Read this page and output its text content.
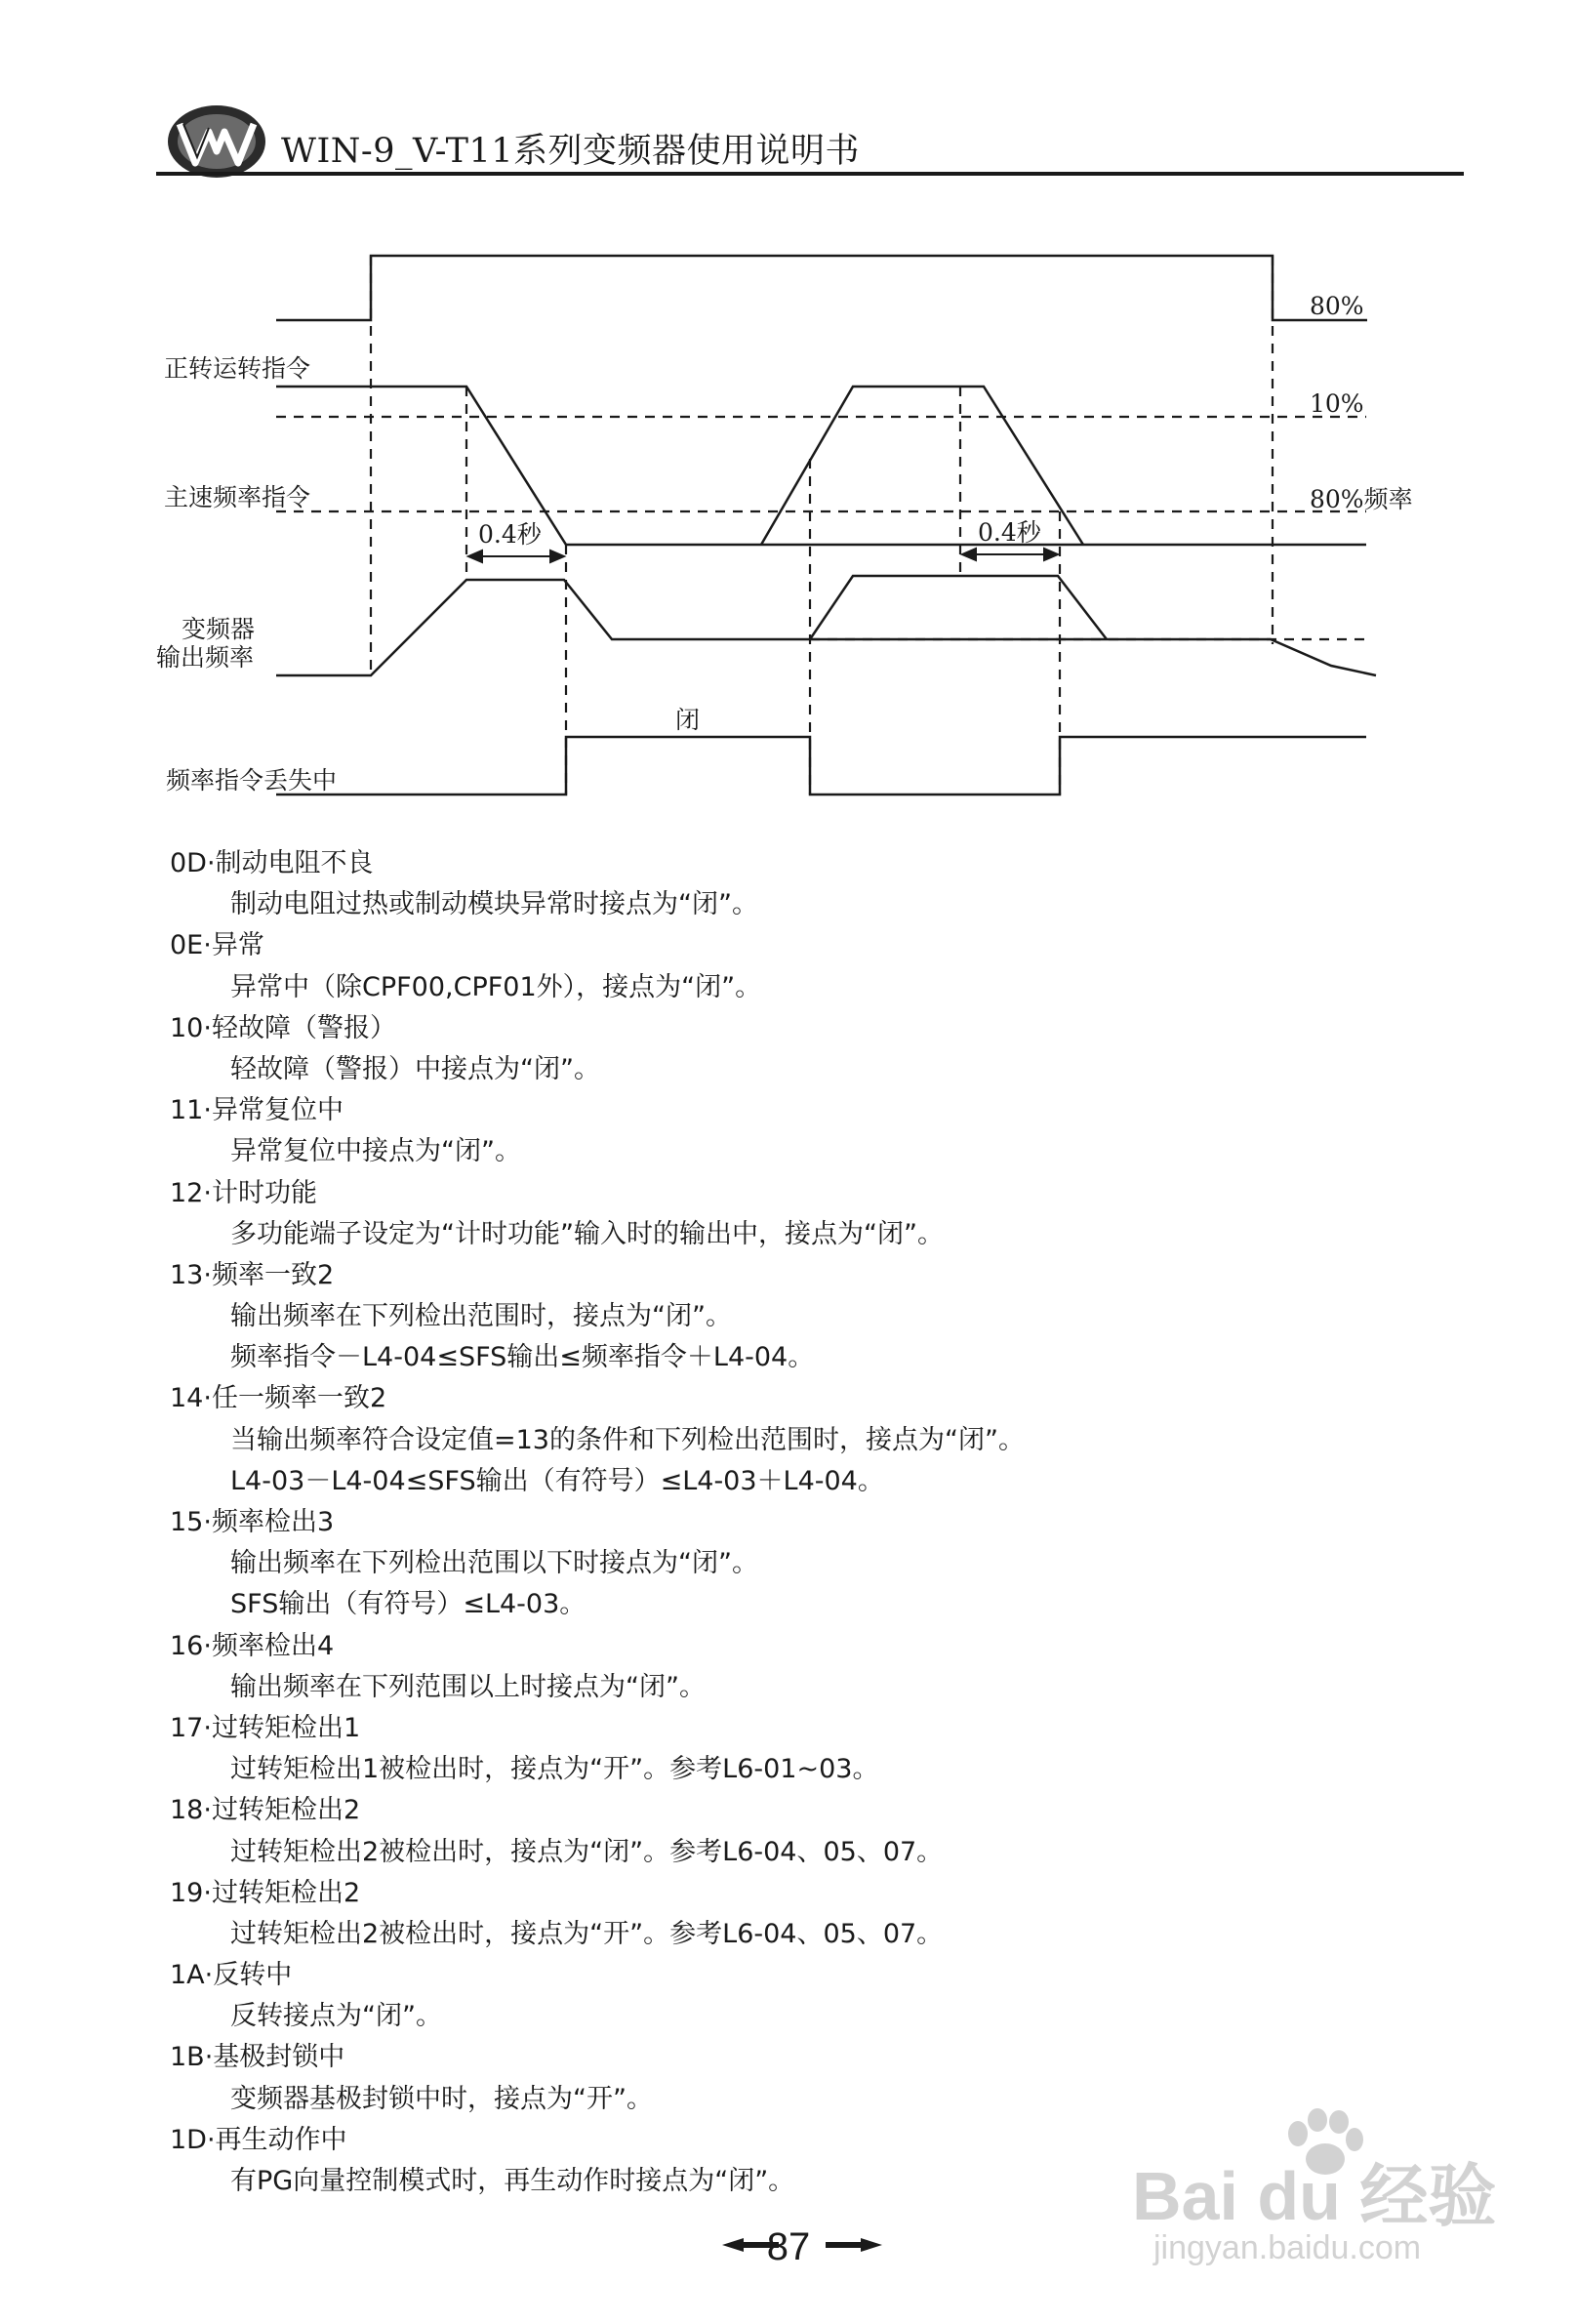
WIN-9_V-T11系列变频器使用说明书
正转运转指令
主速频率指令
变频器
输出频率
频率指令丢失中
80%
10%
80%频率
0.4秒	0.4秒
闭
0D·制动电阻不良
制动电阻过热或制动模块异常时接点为“闭”。
0E·异常
异常中（除CPF00,CPF01外），接点为“闭”。
10·轻故障（警报）
轻故障（警报）中接点为“闭”。
11·异常复位中
异常复位中接点为“闭”。
12·计时功能
多功能端子设定为“计时功能”输入时的输出中，接点为“闭”。
13·频率一致2
输出频率在下列检出范围时，接点为“闭”。
频率指令－L4-04≤SFS输出≤频率指令＋L4-04。
14·任一频率一致2
当输出频率符合设定值=13的条件和下列检出范围时，接点为“闭”。
L4-03－L4-04≤SFS输出（有符号）≤L4-03＋L4-04。
15·频率检出3
输出频率在下列检出范围以下时接点为“闭”。
SFS输出（有符号）≤L4-03。
16·频率检出4
输出频率在下列范围以上时接点为“闭”。
17·过转矩检出1
过转矩检出1被检出时，接点为“开”。参考L6-01~03。
18·过转矩检出2
过转矩检出2被检出时，接点为“闭”。参考L6-04、05、07。
19·过转矩检出2
过转矩检出2被检出时，接点为“开”。参考L6-04、05、07。
1A·反转中
反转接点为“闭”。
1B·基极封锁中
变频器基极封锁中时，接点为“开”。
1D·再生动作中
有PG向量控制模式时，再生动作时接点为“闭”。
87
Bai du 经验
jingyan.baidu.com
